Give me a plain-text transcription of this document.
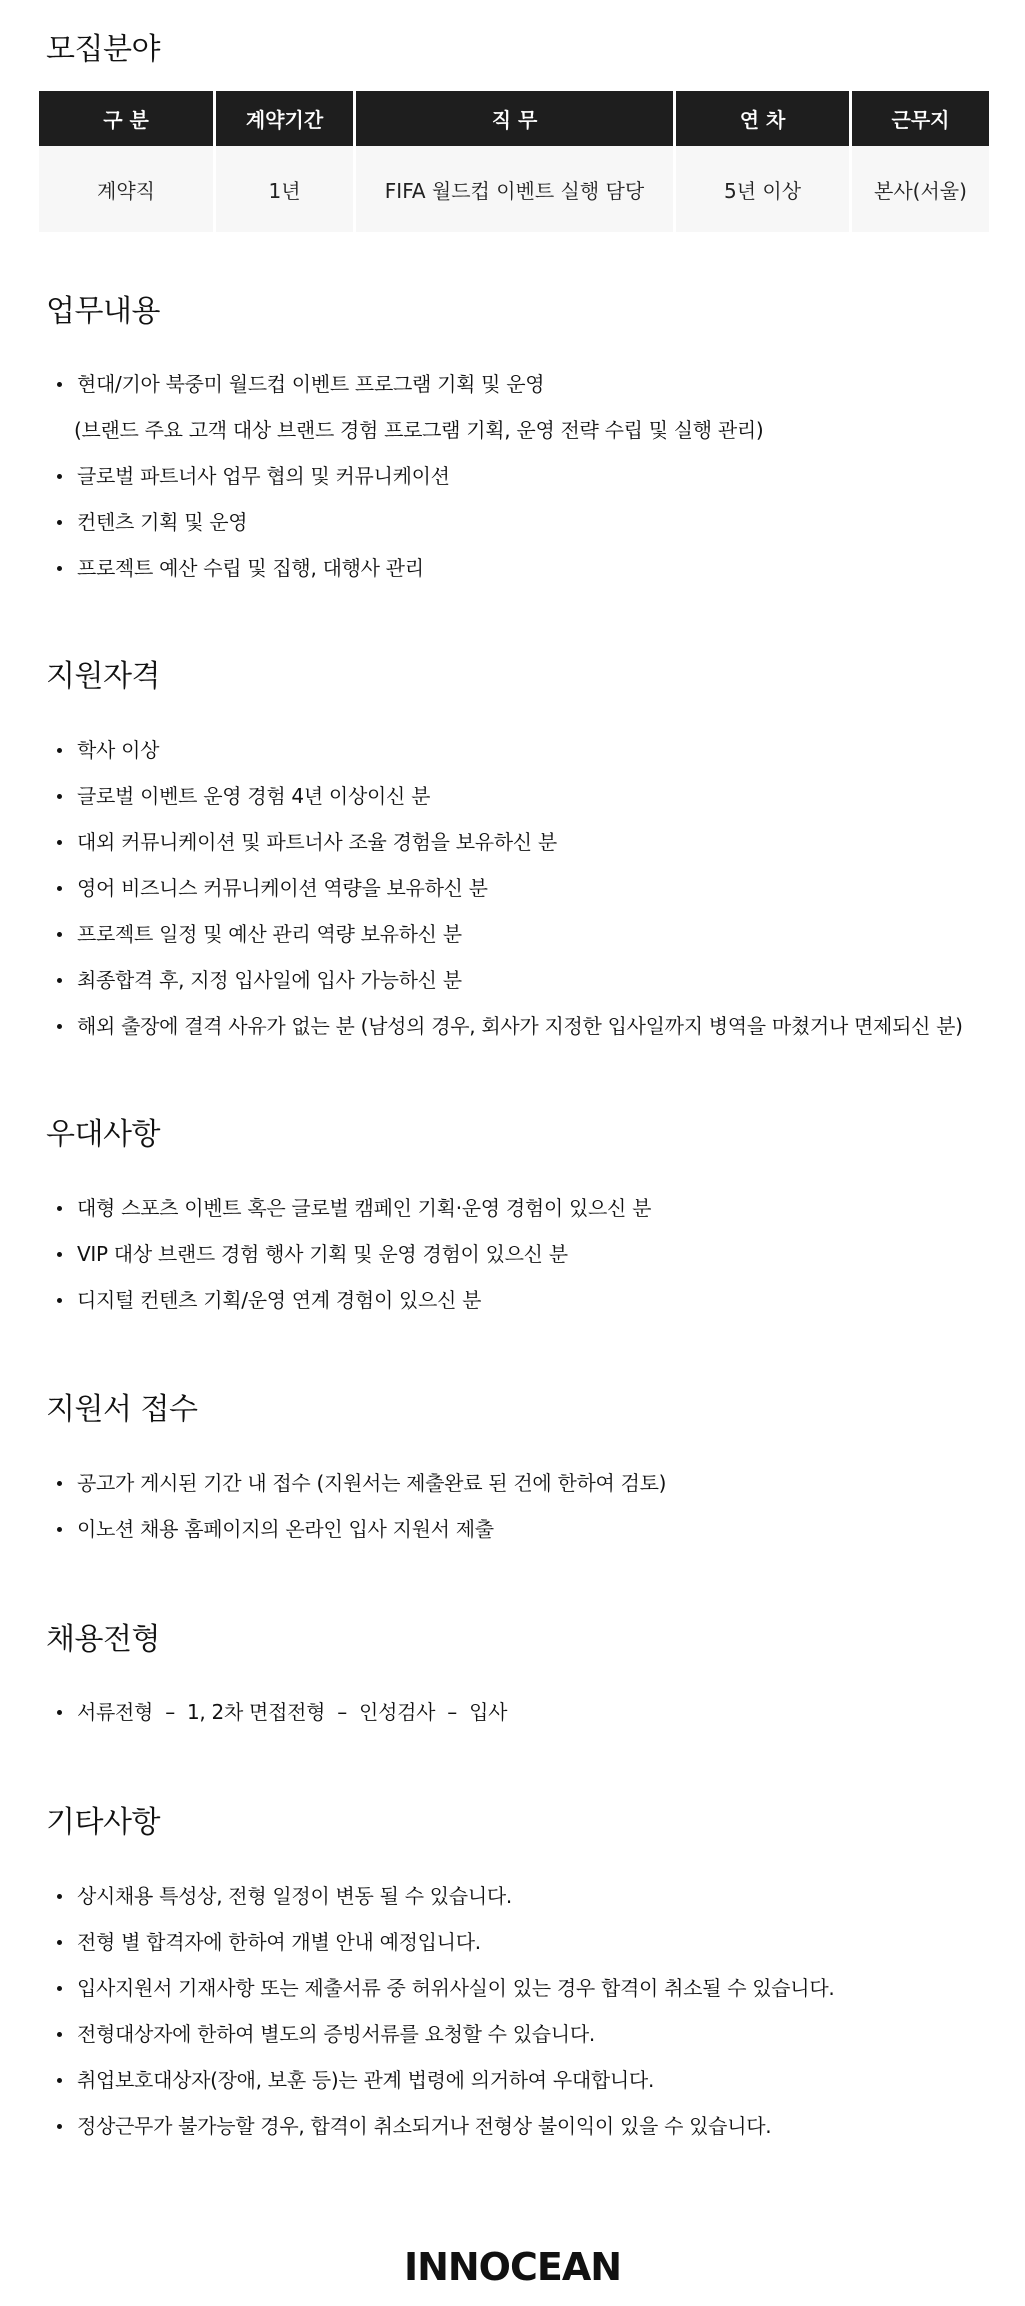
모집분야
구 분	계약기간	직 무	연 차	근무지
계약직	1년	FIFA 월드컵 이벤트 실행 담당	5년 이상	본사(서울)
업무내용
현대/기아 북중미 월드컵 이벤트 프로그램 기획 및 운영
(브랜드 주요 고객 대상 브랜드 경험 프로그램 기획, 운영 전략 수립 및 실행 관리)
글로벌 파트너사 업무 협의 및 커뮤니케이션
컨텐츠 기획 및 운영
프로젝트 예산 수립 및 집행, 대행사 관리
지원자격
학사 이상
글로벌 이벤트 운영 경험 4년 이상이신 분
대외 커뮤니케이션 및 파트너사 조율 경험을 보유하신 분
영어 비즈니스 커뮤니케이션 역량을 보유하신 분
프로젝트 일정 및 예산 관리 역량 보유하신 분
최종합격 후, 지정 입사일에 입사 가능하신 분
해외 출장에 결격 사유가 없는 분 (남성의 경우, 회사가 지정한 입사일까지 병역을 마쳤거나 면제되신 분)
우대사항
대형 스포츠 이벤트 혹은 글로벌 캠페인 기획·운영 경험이 있으신 분
VIP 대상 브랜드 경험 행사 기획 및 운영 경험이 있으신 분
디지털 컨텐츠 기획/운영 연계 경험이 있으신 분
지원서 접수
공고가 게시된 기간 내 접수 (지원서는 제출완료 된 건에 한하여 검토)
이노션 채용 홈페이지의 온라인 입사 지원서 제출
채용전형
서류전형  –  1, 2차 면접전형  –  인성검사  –  입사
기타사항
상시채용 특성상, 전형 일정이 변동 될 수 있습니다.
전형 별 합격자에 한하여 개별 안내 예정입니다.
입사지원서 기재사항 또는 제출서류 중 허위사실이 있는 경우 합격이 취소될 수 있습니다.
전형대상자에 한하여 별도의 증빙서류를 요청할 수 있습니다.
취업보호대상자(장애, 보훈 등)는 관계 법령에 의거하여 우대합니다.
정상근무가 불가능할 경우, 합격이 취소되거나 전형상 불이익이 있을 수 있습니다.
INNOCEAN
